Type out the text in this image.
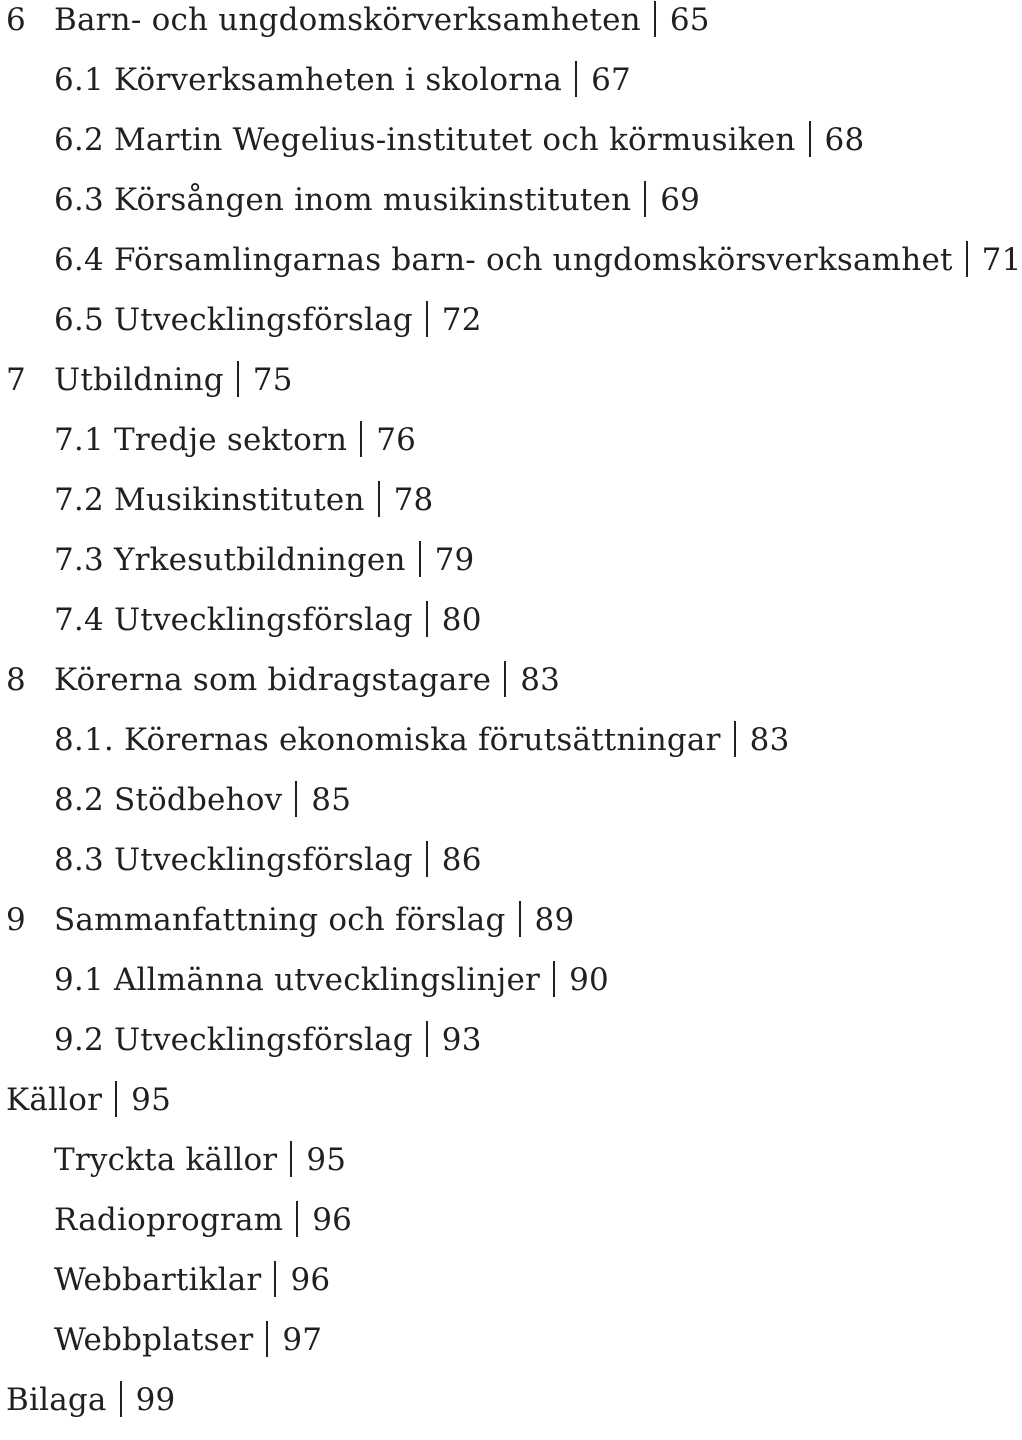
6 Barn- och ungdomskörverksamheten 65
6.1 Körverksamheten i skolorna 67
6.2 Martin Wegelius-institutet och körmusiken 68
6.3 Körsången inom musikinstituten 69
6.4 Församlingarnas barn- och ungdomskörsverksamhet 71
6.5 Utvecklingsförslag 72
7 Utbildning 75
7.1 Tredje sektorn 76
7.2 Musikinstituten 78
7.3 Yrkesutbildningen 79
7.4 Utvecklingsförslag 80
8 Körerna som bidragstagare 83
8.1. Körernas ekonomiska förutsättningar 83
8.2 Stödbehov 85
8.3 Utvecklingsförslag 86
9 Sammanfattning och förslag 89
9.1 Allmänna utvecklingslinjer 90
9.2 Utvecklingsförslag 93
Källor 95
Tryckta källor 95
Radioprogram 96
Webbartiklar 96
Webbplatser 97
Bilaga 99
